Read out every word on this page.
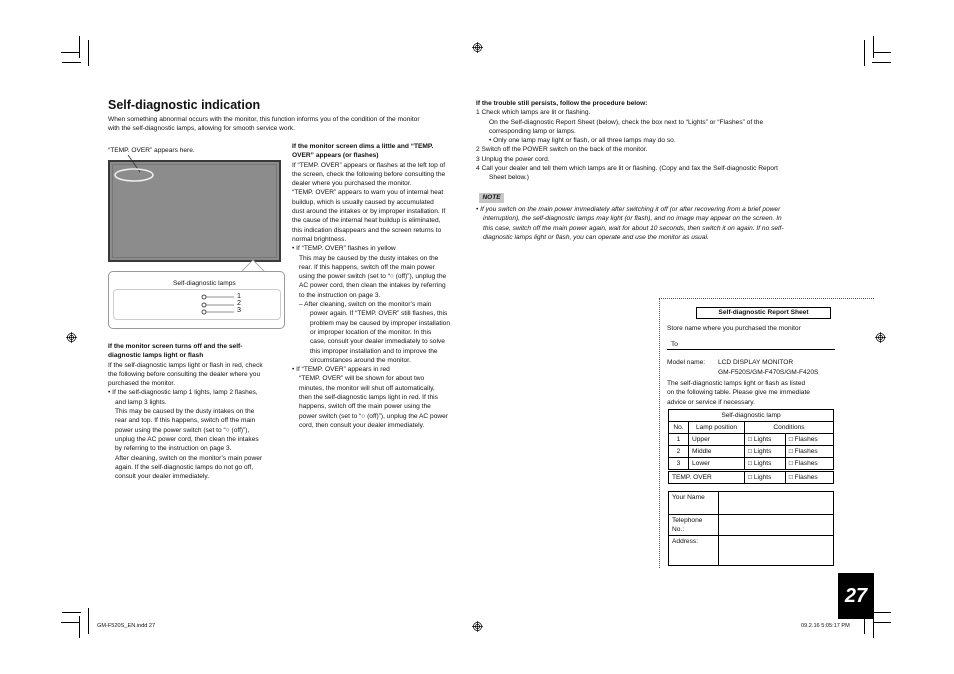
Self-diagnostic indication

When something abnormal occurs with the monitor, this function informs you of the condition of the monitor

with the self-diagnostic lamps, allowing for smooth service work.

“TEMP. OVER” appears here.
Self-diagnostic lamps
1
2
3

If the monitor screen turns off and the self-

diagnostic lamps light or flash

If the self-diagnostic lamps light or flash in red, check

the following before consulting the dealer where you

purchased the monitor.

• If the self-diagnostic lamp 1 lights, lamp 2 flashes,

and lamp 3 lights.

This may be caused by the dusty intakes on the

rear and top. If this happens, switch off the main

power using the power switch (set to “○ (off)”),

unplug the AC power cord, then clean the intakes

by referring to the instruction on page 3.

After cleaning, switch on the monitor’s main power

again. If the self-diagnostic lamps do not go off,

consult your dealer immediately.

If the monitor screen dims a little and “TEMP.

OVER” appears (or flashes)

If “TEMP. OVER” appears or flashes at the left top of

the screen, check the following before consulting the

dealer where you purchased the monitor.

“TEMP. OVER” appears to warn you of internal heat

buildup, which is usually caused by accumulated

dust around the intakes or by improper installation. If

the cause of the internal heat buildup is eliminated,

this indication disappears and the screen returns to

normal brightness.

• If “TEMP. OVER” flashes in yellow

This may be caused by the dusty intakes on the

rear. If this happens, switch off the main power

using the power switch (set to “○ (off)”), unplug the

AC power cord, then clean the intakes by referring

to the instruction on page 3.

– After cleaning, switch on the monitor’s main

power again. If “TEMP. OVER” still flashes, this

problem may be caused by improper installation

or improper location of the monitor. In this

case, consult your dealer immediately to solve

this improper installation and to improve the

circumstances around the monitor.

• If “TEMP. OVER” appears in red

“TEMP. OVER” will be shown for about two

minutes, the monitor will shut off automatically,

then the self-diagnostic lamps light in red. If this

happens, switch off the main power using the

power switch (set to “○ (off)”), unplug the AC power

cord, then consult your dealer immediately.

If the trouble still persists, follow the procedure below:

1 Check which lamps are lit or flashing.

On the Self-diagnostic Report Sheet (below), check the box next to “Lights” or “Flashes” of the

corresponding lamp or lamps.

• Only one lamp may light or flash, or all three lamps may do so.

2 Switch off the POWER switch on the back of the monitor.

3 Unplug the power cord.

4 Call your dealer and tell them which lamps are lit or flashing. (Copy and fax the Self-diagnostic Report

Sheet below.)

NOTE

• If you switch on the main power immediately after switching it off (or after recovering from a brief power

interruption), the self-diagnostic lamps may light (or flash), and no image may appear on the screen. In

this case, switch off the main power again, wait for about 10 seconds, then switch it on again. If no self-

diagnostic lamps light or flash, you can operate and use the monitor as usual.

Self-diagnostic Report Sheet
Store name where you purchased the monitor
To
Model name: LCD DISPLAY MONITOR
GM-F520S/GM-F470S/GM-F420S

The self-diagnostic lamps light or flash as listed

on the following table. Please give me immediate

advice or service if necessary.

Self-diagnostic lamp			
No.	Lamp position	Conditions	
1	Upper	□ Lights	□ Flashes
2	Middle	□ Lights	□ Flashes
3	Lower	□ Lights	□ Flashes
TEMP. OVER	□ Lights	□ Flashes
Your Name	
Telephone
No.:	
Address:	
27
GM-F520S_EN.indd 27	09.2.16 5:05:17 PM
